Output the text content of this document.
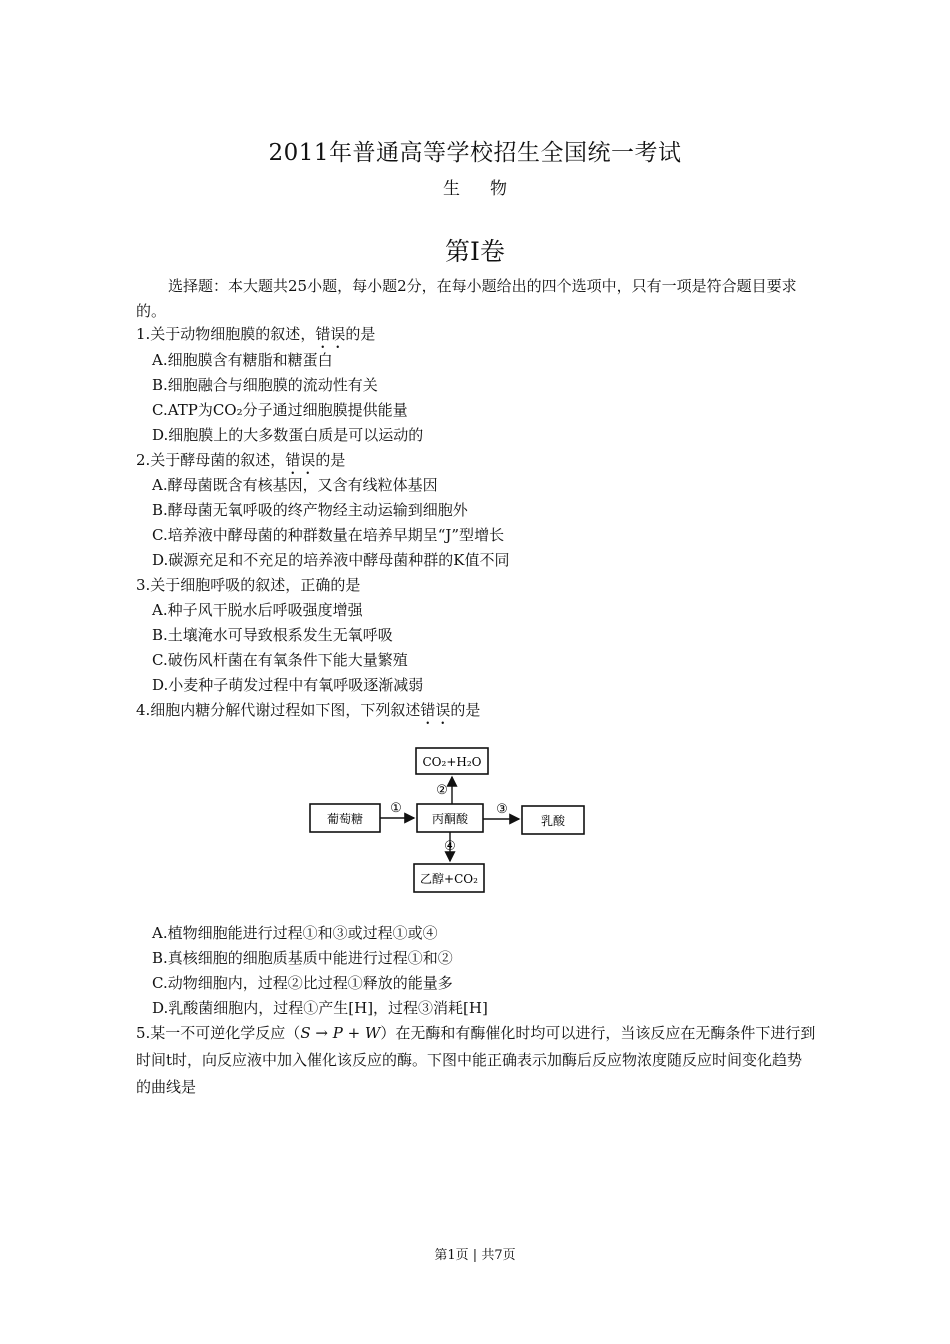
2011年普通高等学校招生全国统一考试
生物
第I卷
选择题：本大题共25小题，每小题2分，在每小题给出的四个选项中，只有一项是符合题目要求的。
1.关于动物细胞膜的叙述，错误的是
A.细胞膜含有糖脂和糖蛋白
B.细胞融合与细胞膜的流动性有关
C.ATP为CO₂分子通过细胞膜提供能量
D.细胞膜上的大多数蛋白质是可以运动的
2.关于酵母菌的叙述，错误的是
A.酵母菌既含有核基因，又含有线粒体基因
B.酵母菌无氧呼吸的终产物经主动运输到细胞外
C.培养液中酵母菌的种群数量在培养早期呈“J”型增长
D.碳源充足和不充足的培养液中酵母菌种群的K值不同
3.关于细胞呼吸的叙述，正确的是
A.种子风干脱水后呼吸强度增强
B.土壤淹水可导致根系发生无氧呼吸
C.破伤风杆菌在有氧条件下能大量繁殖
D.小麦种子萌发过程中有氧呼吸逐渐减弱
4.细胞内糖分解代谢过程如下图，下列叙述错误的是
CO₂+H₂O
葡萄糖	丙酮酸	乳酸
乙醇+CO₂
①
②
③
④
A.植物细胞能进行过程①和③或过程①或④
B.真核细胞的细胞质基质中能进行过程①和②
C.动物细胞内，过程②比过程①释放的能量多
D.乳酸菌细胞内，过程①产生[H]，过程③消耗[H]
5.某一不可逆化学反应（S → P + W）在无酶和有酶催化时均可以进行，当该反应在无酶条件下进行到时间t时，向反应液中加入催化该反应的酶。下图中能正确表示加酶后反应物浓度随反应时间变化趋势的曲线是
第1页 | 共7页
